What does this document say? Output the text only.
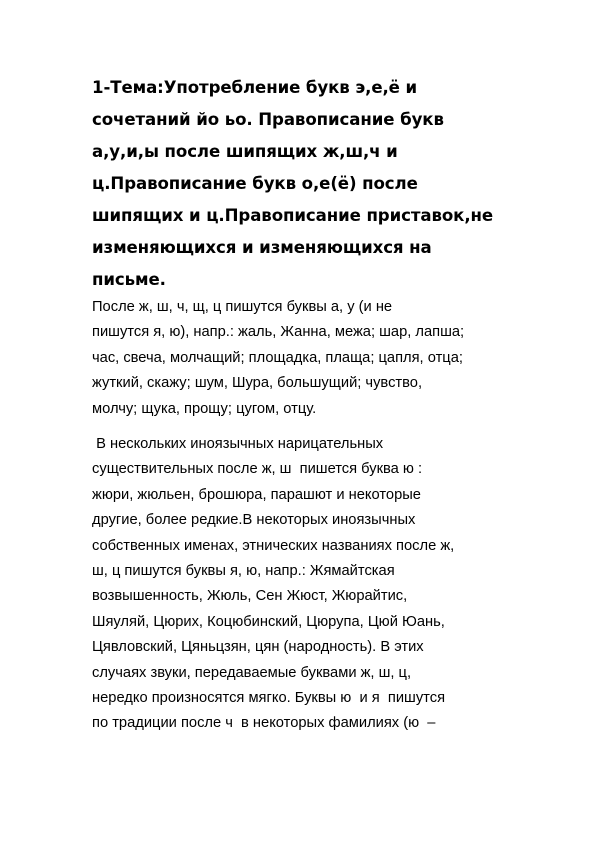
1-Тема:Употребление букв э,е,ё и
сочетаний йо ьо. Правописание букв
а,у,и,ы после шипящих ж,ш,ч и
ц.Правописание букв о,е(ё) после
шипящих и ц.Правописание приставок,не
изменяющихся и изменяющихся на
письме.

После ж, ш, ч, щ, ц пишутся буквы а, у (и не
пишутся я, ю), напр.: жаль, Жанна, межа; шар, лапша;
час, свеча, молчащий; площадка, плаща; цапля, отца;
жуткий, скажу; шум, Шура, большущий; чувство,
молчу; щука, прощу; цугом, отцу.

В нескольких иноязычных нарицательных
существительных после ж, ш  пишется буква ю :
жюри, жюльен, брошюра, парашют и некоторые
другие, более редкие.В некоторых иноязычных
собственных именах, этнических названиях после ж,
ш, ц пишутся буквы я, ю, напр.: Жямайтская
возвышенность, Жюль, Сен Жюст, Жюрайтис,
Шяуляй, Цюрих, Коцюбинский, Цюрупа, Цюй Юань,
Цявловский, Цяньцзян, цян (народность). В этих
случаях звуки, передаваемые буквами ж, ш, ц,
нередко произносятся мягко. Буквы ю  и я  пишутся
по традиции после ч  в некоторых фамилиях (ю  –
